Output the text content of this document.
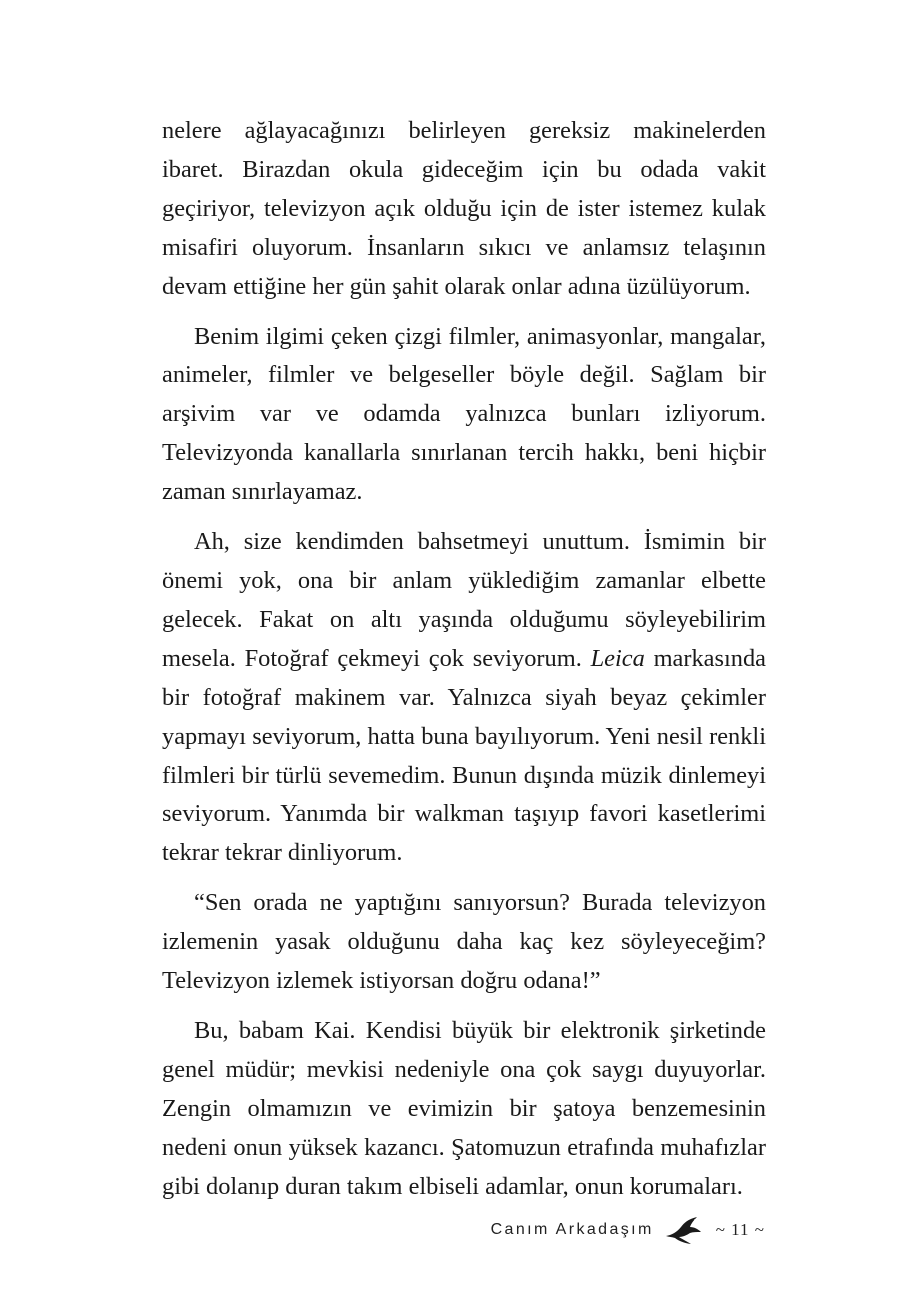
nelere ağlayacağınızı belirleyen gereksiz makinelerden ibaret. Birazdan okula gideceğim için bu odada vakit geçiriyor, televizyon açık olduğu için de ister istemez kulak misafiri oluyorum. İnsanların sıkıcı ve anlamsız telaşının devam ettiğine her gün şahit olarak onlar adına üzülüyorum.

Benim ilgimi çeken çizgi filmler, animasyonlar, mangalar, animeler, filmler ve belgeseller böyle değil. Sağlam bir arşivim var ve odamda yalnızca bunları izliyorum. Televizyonda kanallarla sınırlanan tercih hakkı, beni hiçbir zaman sınırlayamaz.

Ah, size kendimden bahsetmeyi unuttum. İsmimin bir önemi yok, ona bir anlam yüklediğim zamanlar elbette gelecek. Fakat on altı yaşında olduğumu söyleyebilirim mesela. Fotoğraf çekmeyi çok seviyorum. Leica markasında bir fotoğraf makinem var. Yalnızca siyah beyaz çekimler yapmayı seviyorum, hatta buna bayılıyorum. Yeni nesil renkli filmleri bir türlü sevemedim. Bunun dışında müzik dinlemeyi seviyorum. Yanımda bir walkman taşıyıp favori kasetlerimi tekrar tekrar dinliyorum.

“Sen orada ne yaptığını sanıyorsun? Burada televizyon izlemenin yasak olduğunu daha kaç kez söyleyeceğim? Televizyon izlemek istiyorsan doğru odana!”

Bu, babam Kai. Kendisi büyük bir elektronik şirketinde genel müdür; mevkisi nedeniyle ona çok saygı duyuyorlar. Zengin olmamızın ve evimizin bir şatoya benzemesinin nedeni onun yüksek kazancı. Şatomuzun etrafında muhafızlar gibi dolanıp duran takım elbiseli adamlar, onun korumaları.

Canım Arkadaşım	~ 11 ~
